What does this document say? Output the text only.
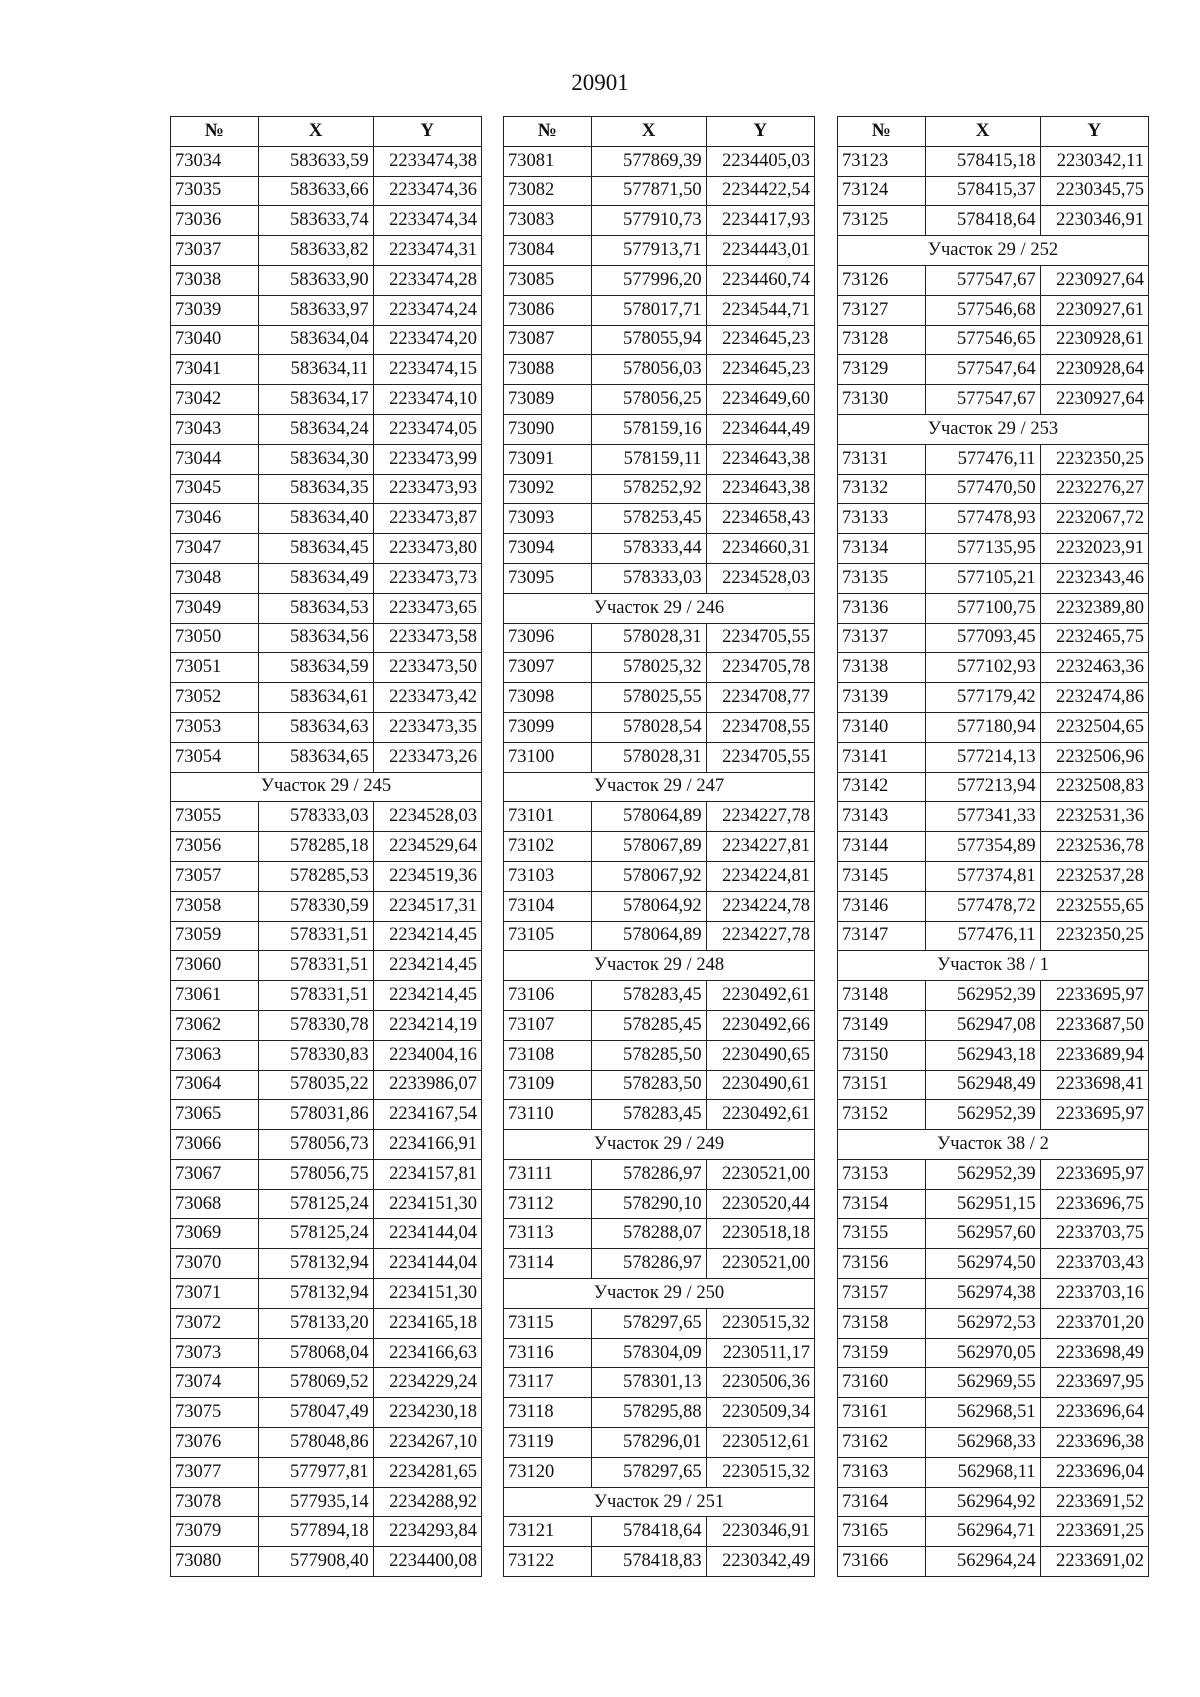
20901
№	X	Y
73034	583633,59	2233474,38
73035	583633,66	2233474,36
73036	583633,74	2233474,34
73037	583633,82	2233474,31
73038	583633,90	2233474,28
73039	583633,97	2233474,24
73040	583634,04	2233474,20
73041	583634,11	2233474,15
73042	583634,17	2233474,10
73043	583634,24	2233474,05
73044	583634,30	2233473,99
73045	583634,35	2233473,93
73046	583634,40	2233473,87
73047	583634,45	2233473,80
73048	583634,49	2233473,73
73049	583634,53	2233473,65
73050	583634,56	2233473,58
73051	583634,59	2233473,50
73052	583634,61	2233473,42
73053	583634,63	2233473,35
73054	583634,65	2233473,26
Участок 29 / 245		
73055	578333,03	2234528,03
73056	578285,18	2234529,64
73057	578285,53	2234519,36
73058	578330,59	2234517,31
73059	578331,51	2234214,45
73060	578331,51	2234214,45
73061	578331,51	2234214,45
73062	578330,78	2234214,19
73063	578330,83	2234004,16
73064	578035,22	2233986,07
73065	578031,86	2234167,54
73066	578056,73	2234166,91
73067	578056,75	2234157,81
73068	578125,24	2234151,30
73069	578125,24	2234144,04
73070	578132,94	2234144,04
73071	578132,94	2234151,30
73072	578133,20	2234165,18
73073	578068,04	2234166,63
73074	578069,52	2234229,24
73075	578047,49	2234230,18
73076	578048,86	2234267,10
73077	577977,81	2234281,65
73078	577935,14	2234288,92
73079	577894,18	2234293,84
73080	577908,40	2234400,08
№	X	Y
73081	577869,39	2234405,03
73082	577871,50	2234422,54
73083	577910,73	2234417,93
73084	577913,71	2234443,01
73085	577996,20	2234460,74
73086	578017,71	2234544,71
73087	578055,94	2234645,23
73088	578056,03	2234645,23
73089	578056,25	2234649,60
73090	578159,16	2234644,49
73091	578159,11	2234643,38
73092	578252,92	2234643,38
73093	578253,45	2234658,43
73094	578333,44	2234660,31
73095	578333,03	2234528,03
Участок 29 / 246		
73096	578028,31	2234705,55
73097	578025,32	2234705,78
73098	578025,55	2234708,77
73099	578028,54	2234708,55
73100	578028,31	2234705,55
Участок 29 / 247		
73101	578064,89	2234227,78
73102	578067,89	2234227,81
73103	578067,92	2234224,81
73104	578064,92	2234224,78
73105	578064,89	2234227,78
Участок 29 / 248		
73106	578283,45	2230492,61
73107	578285,45	2230492,66
73108	578285,50	2230490,65
73109	578283,50	2230490,61
73110	578283,45	2230492,61
Участок 29 / 249		
73111	578286,97	2230521,00
73112	578290,10	2230520,44
73113	578288,07	2230518,18
73114	578286,97	2230521,00
Участок 29 / 250		
73115	578297,65	2230515,32
73116	578304,09	2230511,17
73117	578301,13	2230506,36
73118	578295,88	2230509,34
73119	578296,01	2230512,61
73120	578297,65	2230515,32
Участок 29 / 251		
73121	578418,64	2230346,91
73122	578418,83	2230342,49
№	X	Y
73123	578415,18	2230342,11
73124	578415,37	2230345,75
73125	578418,64	2230346,91
Участок 29 / 252		
73126	577547,67	2230927,64
73127	577546,68	2230927,61
73128	577546,65	2230928,61
73129	577547,64	2230928,64
73130	577547,67	2230927,64
Участок 29 / 253		
73131	577476,11	2232350,25
73132	577470,50	2232276,27
73133	577478,93	2232067,72
73134	577135,95	2232023,91
73135	577105,21	2232343,46
73136	577100,75	2232389,80
73137	577093,45	2232465,75
73138	577102,93	2232463,36
73139	577179,42	2232474,86
73140	577180,94	2232504,65
73141	577214,13	2232506,96
73142	577213,94	2232508,83
73143	577341,33	2232531,36
73144	577354,89	2232536,78
73145	577374,81	2232537,28
73146	577478,72	2232555,65
73147	577476,11	2232350,25
Участок 38 / 1		
73148	562952,39	2233695,97
73149	562947,08	2233687,50
73150	562943,18	2233689,94
73151	562948,49	2233698,41
73152	562952,39	2233695,97
Участок 38 / 2		
73153	562952,39	2233695,97
73154	562951,15	2233696,75
73155	562957,60	2233703,75
73156	562974,50	2233703,43
73157	562974,38	2233703,16
73158	562972,53	2233701,20
73159	562970,05	2233698,49
73160	562969,55	2233697,95
73161	562968,51	2233696,64
73162	562968,33	2233696,38
73163	562968,11	2233696,04
73164	562964,92	2233691,52
73165	562964,71	2233691,25
73166	562964,24	2233691,02
